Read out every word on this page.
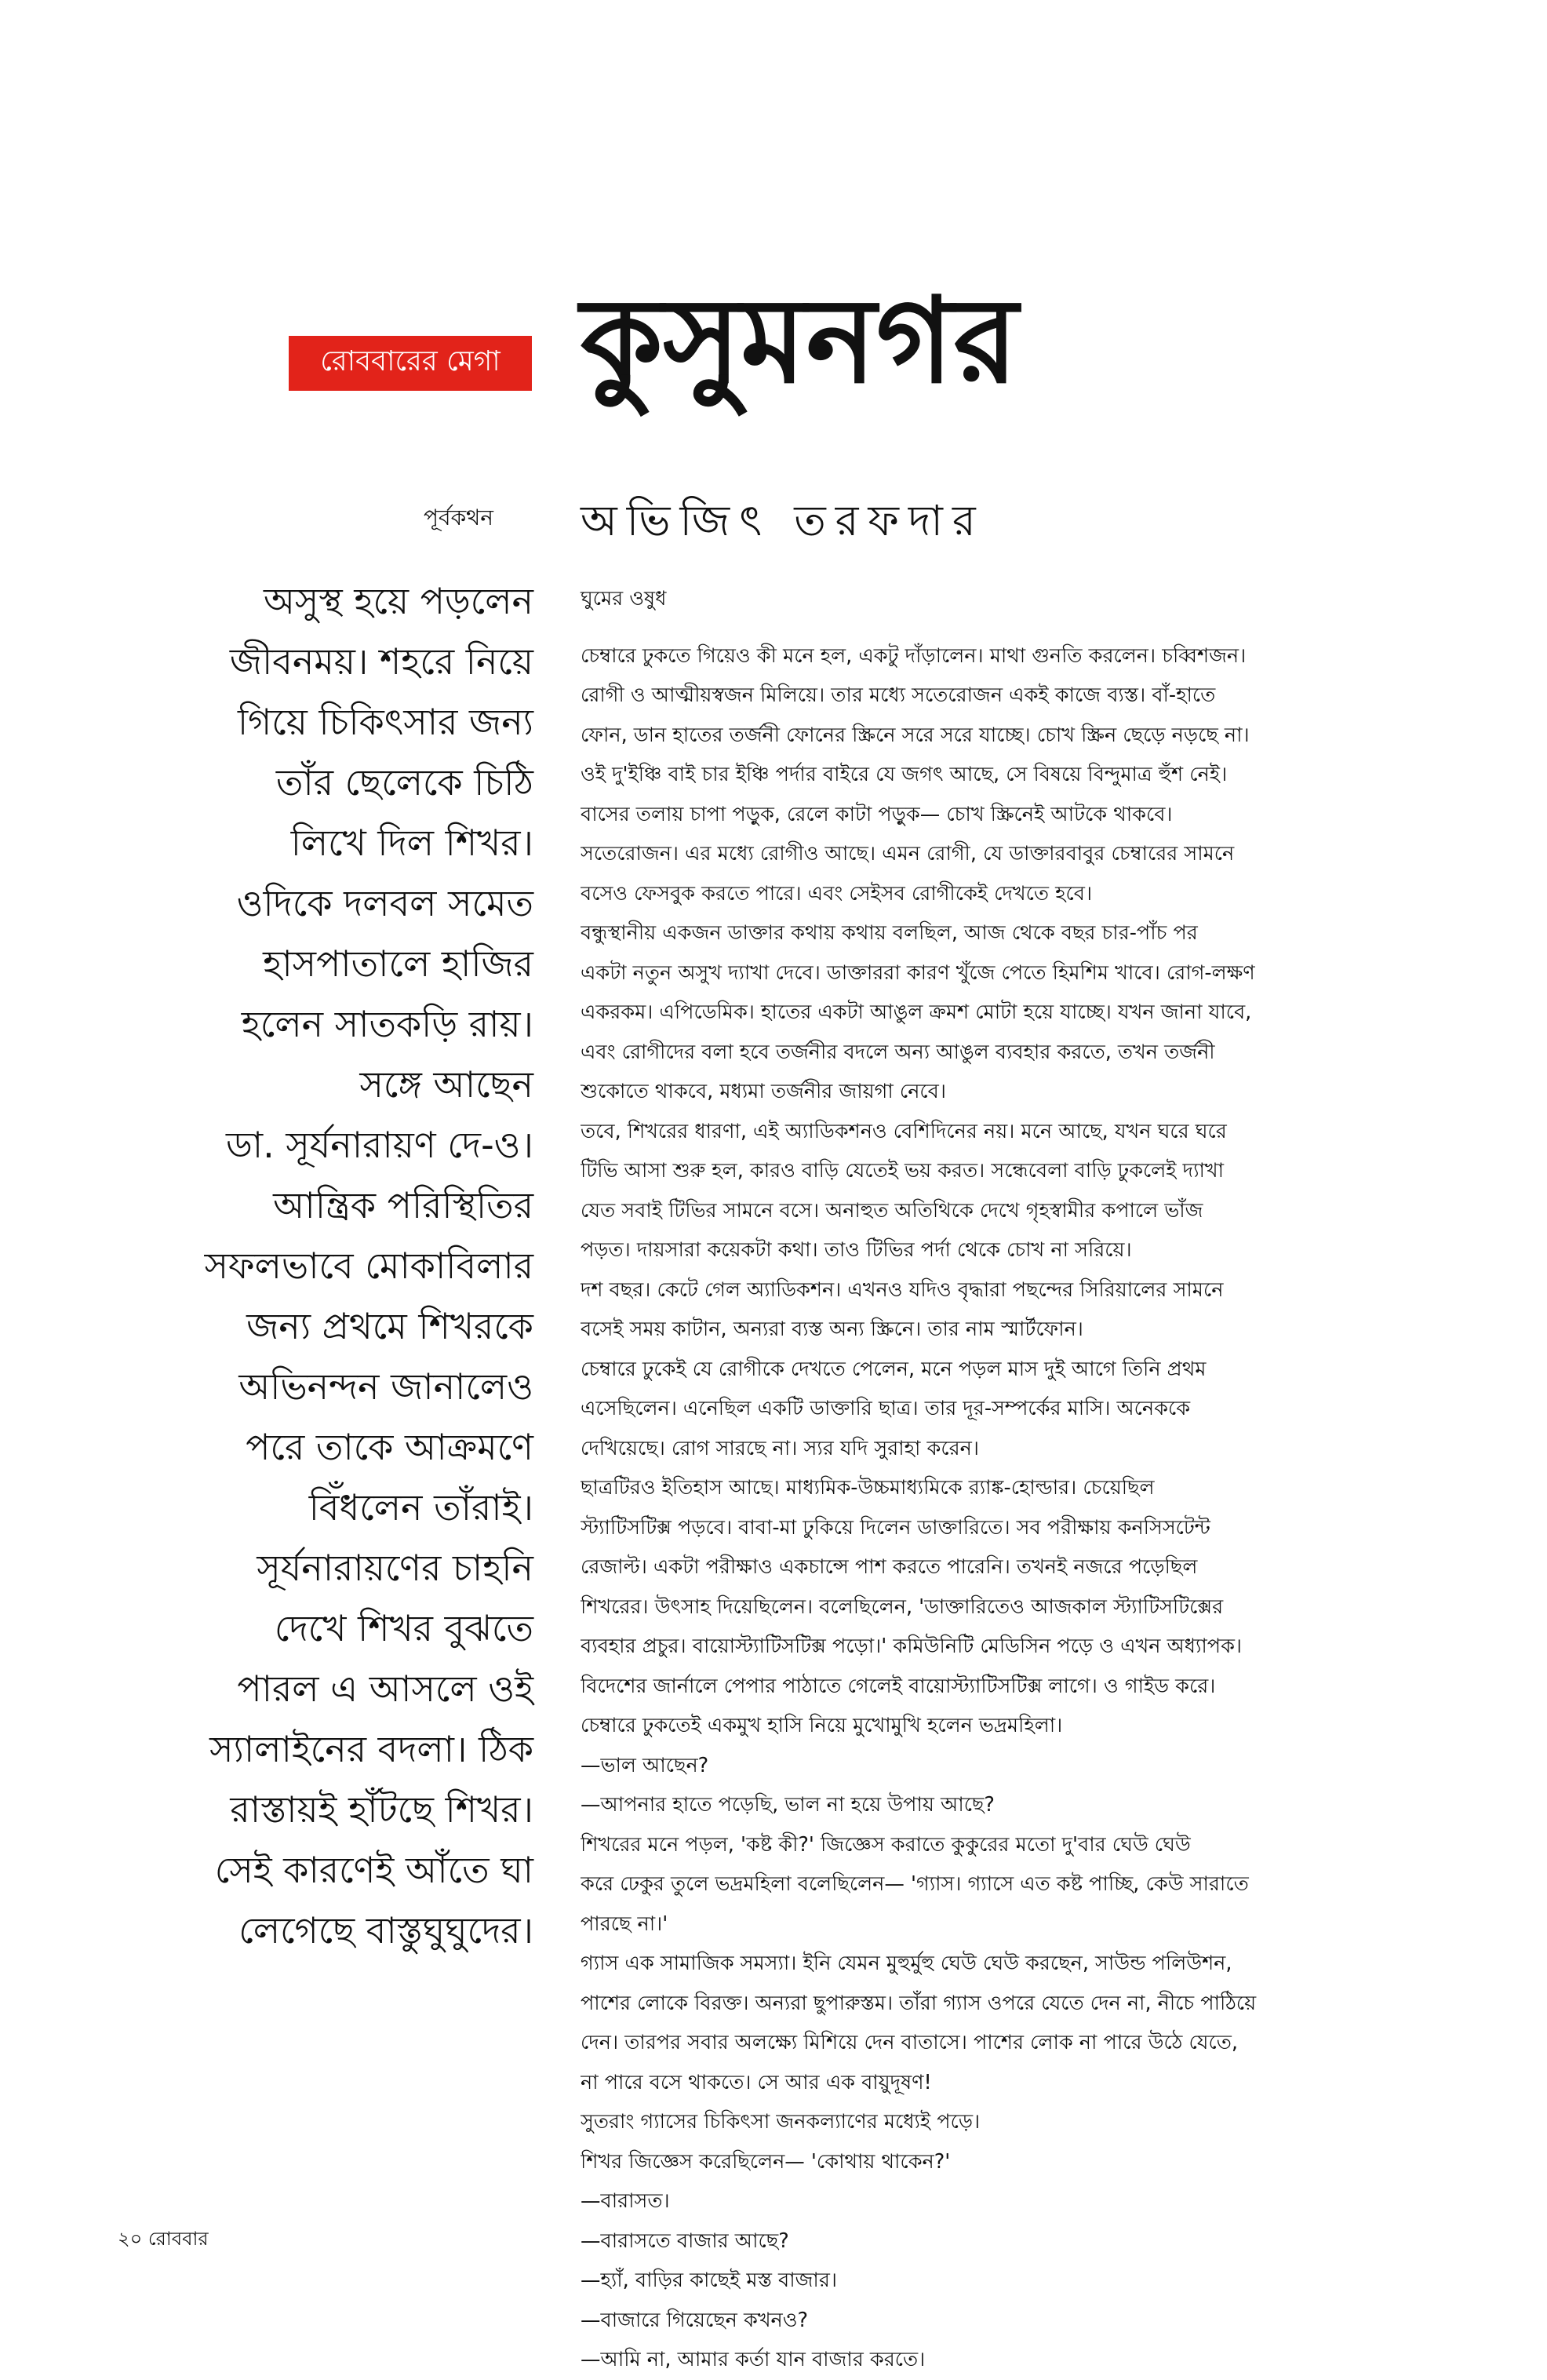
রোববারের মেগা কুসুমনগর
পূর্বকথন অভিজিৎ তরফদার
অসুস্থ হয়ে পড়লেন
জীবনময়। শহরে নিয়ে
গিয়ে চিকিৎসার জন্য
তাঁর ছেলেকে চিঠি
লিখে দিল শিখর।
ওদিকে দলবল সমেত
হাসপাতালে হাজির
হলেন সাতকড়ি রায়।
সঙ্গে আছেন
ডা. সূর্যনারায়ণ দে-ও।
আন্ত্রিক পরিস্থিতির
সফলভাবে মোকাবিলার
জন্য প্রথমে শিখরকে
অভিনন্দন জানালেও
পরে তাকে আক্রমণে
বিঁধলেন তাঁরাই।
সূর্যনারায়ণের চাহনি
দেখে শিখর বুঝতে
পারল এ আসলে ওই
স্যালাইনের বদলা। ঠিক
রাস্তায়ই হাঁটছে শিখর।
সেই কারণেই আঁতে ঘা
লেগেছে বাস্তুঘুঘুদের।
ঘুমের ওষুধ
চেম্বারে ঢুকতে গিয়েও কী মনে হল, একটু দাঁড়ালেন। মাথা গুনতি করলেন। চব্বিশজন।
রোগী ও আত্মীয়স্বজন মিলিয়ে। তার মধ্যে সতেরোজন একই কাজে ব্যস্ত। বাঁ-হাতে
ফোন, ডান হাতের তর্জনী ফোনের স্ক্রিনে সরে সরে যাচ্ছে। চোখ স্ক্রিন ছেড়ে নড়ছে না।
ওই দু'ইঞ্চি বাই চার ইঞ্চি পর্দার বাইরে যে জগৎ আছে, সে বিষয়ে বিন্দুমাত্র হুঁশ নেই।
বাসের তলায় চাপা পড়ুক, রেলে কাটা পড়ুক— চোখ স্ক্রিনেই আটকে থাকবে।
সতেরোজন। এর মধ্যে রোগীও আছে। এমন রোগী, যে ডাক্তারবাবুর চেম্বারের সামনে
বসেও ফেসবুক করতে পারে। এবং সেইসব রোগীকেই দেখতে হবে।
বন্ধুস্থানীয় একজন ডাক্তার কথায় কথায় বলছিল, আজ থেকে বছর চার-পাঁচ পর
একটা নতুন অসুখ দ্যাখা দেবে। ডাক্তাররা কারণ খুঁজে পেতে হিমশিম খাবে। রোগ-লক্ষণ
একরকম। এপিডেমিক। হাতের একটা আঙুল ক্রমশ মোটা হয়ে যাচ্ছে। যখন জানা যাবে,
এবং রোগীদের বলা হবে তর্জনীর বদলে অন্য আঙুল ব্যবহার করতে, তখন তর্জনী
শুকোতে থাকবে, মধ্যমা তর্জনীর জায়গা নেবে।
তবে, শিখরের ধারণা, এই অ্যাডিকশনও বেশিদিনের নয়। মনে আছে, যখন ঘরে ঘরে
টিভি আসা শুরু হল, কারও বাড়ি যেতেই ভয় করত। সন্ধেবেলা বাড়ি ঢুকলেই দ্যাখা
যেত সবাই টিভির সামনে বসে। অনাহুত অতিথিকে দেখে গৃহস্বামীর কপালে ভাঁজ
পড়ত। দায়সারা কয়েকটা কথা। তাও টিভির পর্দা থেকে চোখ না সরিয়ে।
দশ বছর। কেটে গেল অ্যাডিকশন। এখনও যদিও বৃদ্ধারা পছন্দের সিরিয়ালের সামনে
বসেই সময় কাটান, অন্যরা ব্যস্ত অন্য স্ক্রিনে। তার নাম স্মার্টফোন।
চেম্বারে ঢুকেই যে রোগীকে দেখতে পেলেন, মনে পড়ল মাস দুই আগে তিনি প্রথম
এসেছিলেন। এনেছিল একটি ডাক্তারি ছাত্র। তার দূর-সম্পর্কের মাসি। অনেককে
দেখিয়েছে। রোগ সারছে না। স্যর যদি সুরাহা করেন।
ছাত্রটিরও ইতিহাস আছে। মাধ্যমিক-উচ্চমাধ্যমিকে র‍্যাঙ্ক-হোল্ডার। চেয়েছিল
স্ট্যাটিসটিক্স পড়বে। বাবা-মা ঢুকিয়ে দিলেন ডাক্তারিতে। সব পরীক্ষায় কনসিসটেন্ট
রেজাল্ট। একটা পরীক্ষাও একচান্সে পাশ করতে পারেনি। তখনই নজরে পড়েছিল
শিখরের। উৎসাহ দিয়েছিলেন। বলেছিলেন, 'ডাক্তারিতেও আজকাল স্ট্যাটিসটিক্সের
ব্যবহার প্রচুর। বায়োস্ট্যাটিসটিক্স পড়ো।' কমিউনিটি মেডিসিন পড়ে ও এখন অধ্যাপক।
বিদেশের জার্নালে পেপার পাঠাতে গেলেই বায়োস্ট্যাটিসটিক্স লাগে। ও গাইড করে।
চেম্বারে ঢুকতেই একমুখ হাসি নিয়ে মুখোমুখি হলেন ভদ্রমহিলা।
—ভাল আছেন?
—আপনার হাতে পড়েছি, ভাল না হয়ে উপায় আছে?
শিখরের মনে পড়ল, 'কষ্ট কী?' জিজ্ঞেস করাতে কুকুরের মতো দু'বার ঘেউ ঘেউ
করে ঢেকুর তুলে ভদ্রমহিলা বলেছিলেন— 'গ্যাস। গ্যাসে এত কষ্ট পাচ্ছি, কেউ সারাতে
পারছে না।'
গ্যাস এক সামাজিক সমস্যা। ইনি যেমন মুহুর্মুহু ঘেউ ঘেউ করছেন, সাউন্ড পলিউশন,
পাশের লোকে বিরক্ত। অন্যরা ছুপারুস্তম। তাঁরা গ্যাস ওপরে যেতে দেন না, নীচে পাঠিয়ে
দেন। তারপর সবার অলক্ষ্যে মিশিয়ে দেন বাতাসে। পাশের লোক না পারে উঠে যেতে,
না পারে বসে থাকতে। সে আর এক বায়ুদূষণ!
সুতরাং গ্যাসের চিকিৎসা জনকল্যাণের মধ্যেই পড়ে।
শিখর জিজ্ঞেস করেছিলেন— 'কোথায় থাকেন?'
—বারাসত।
—বারাসতে বাজার আছে?
—হ্যাঁ, বাড়ির কাছেই মস্ত বাজার।
—বাজারে গিয়েছেন কখনও?
—আমি না, আমার কর্তা যান বাজার করতে।
২০ রোববার
